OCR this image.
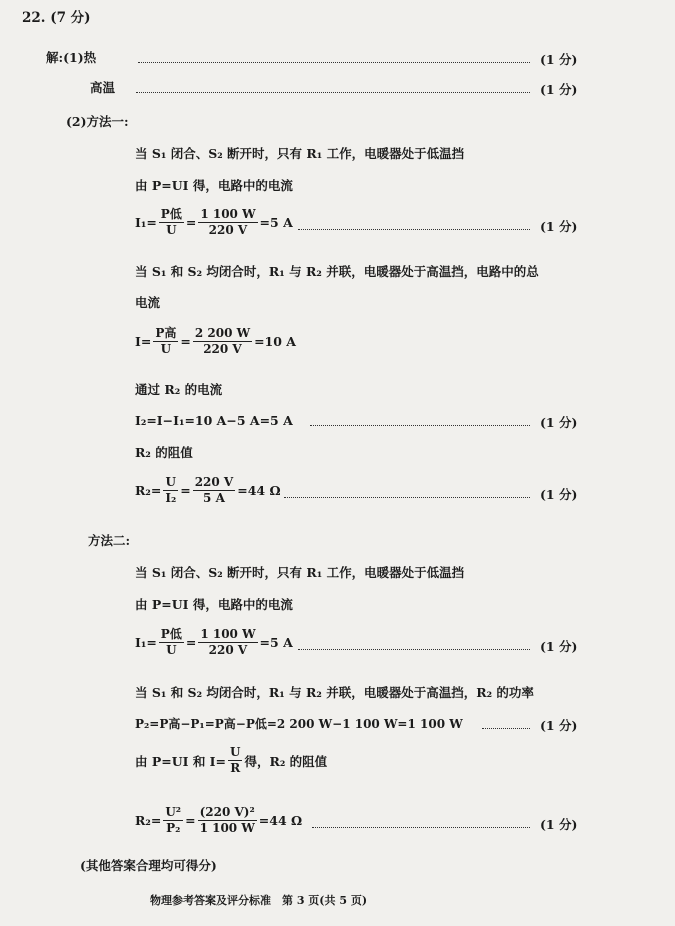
22. (7 分)
解:(1)热	(1 分)
高温	(1 分)
(2)方法一:
当 S₁ 闭合、S₂ 断开时，只有 R₁ 工作，电暖器处于低温挡
由 P=UI 得，电路中的电流
$I_1= \frac{\text{P低}}{U} = \frac{1 100 W}{220 V} =5$ A	(1 分)
当 S₁ 和 S₂ 均闭合时，R₁ 与 R₂ 并联，电暖器处于高温挡，电路中的总
电流
$I= \frac{\text{P高}}{U} = \frac{2 200 W}{220 V} =10$ A
通过 R₂ 的电流
I₂=I−I₁=10 A−5 A=5 A	(1 分)
R₂ 的阻值
$R_2= \frac{U}{\text{I₂}} = \frac{220 V}{5 A} =44$ Ω	(1 分)
方法二:
当 S₁ 闭合、S₂ 断开时，只有 R₁ 工作，电暖器处于低温挡
由 P=UI 得，电路中的电流
$I_1= \frac{\text{P低}}{U} = \frac{1 100 W}{220 V} =5$ A	(1 分)
当 S₁ 和 S₂ 均闭合时，R₁ 与 R₂ 并联，电暖器处于高温挡，R₂ 的功率
P₂=P高−P₁=P高−P低=2 200 W−1 100 W=1 100 W	(1 分)
由 P=UI 和 $I= \frac{U}{R}$ 得，R₂ 的阻值
$R_2= \frac{\text{U²}}{\text{P₂}} = \frac{\text{(220 V)²}}{1 100 W} =44$ Ω	(1 分)
(其他答案合理均可得分)
物理参考答案及评分标准　第 3 页(共 5 页)
